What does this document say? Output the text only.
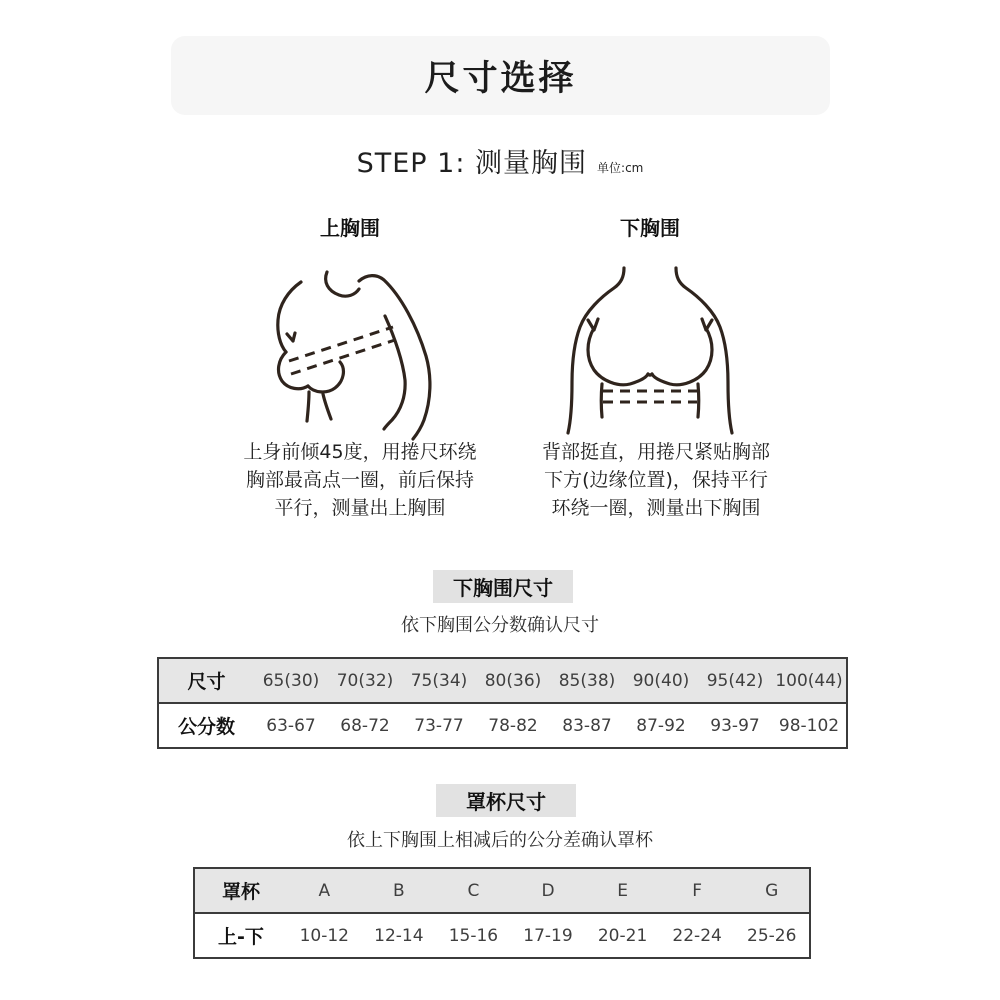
尺寸选择
STEP 1: 测量胸围 单位:cm
上胸围	下胸围
上身前倾45度，用捲尺环绕
胸部最高点一圈，前后保持
平行，测量出上胸围
背部挺直，用捲尺紧贴胸部
下方(边缘位置)，保持平行
环绕一圈，测量出下胸围
下胸围尺寸
依下胸围公分数确认尺寸
尺寸	65(30)	70(32)	75(34)	80(36)	85(38)	90(40)	95(42) 100(44)
公分数	63-67	68-72	73-77	78-82	83-87	87-92	93-97	98-102
罩杯尺寸
依上下胸围上相减后的公分差确认罩杯
罩杯	A	B	C	D	E	F	G
上-下	10-12	12-14	15-16	17-19	20-21	22-24	25-26
